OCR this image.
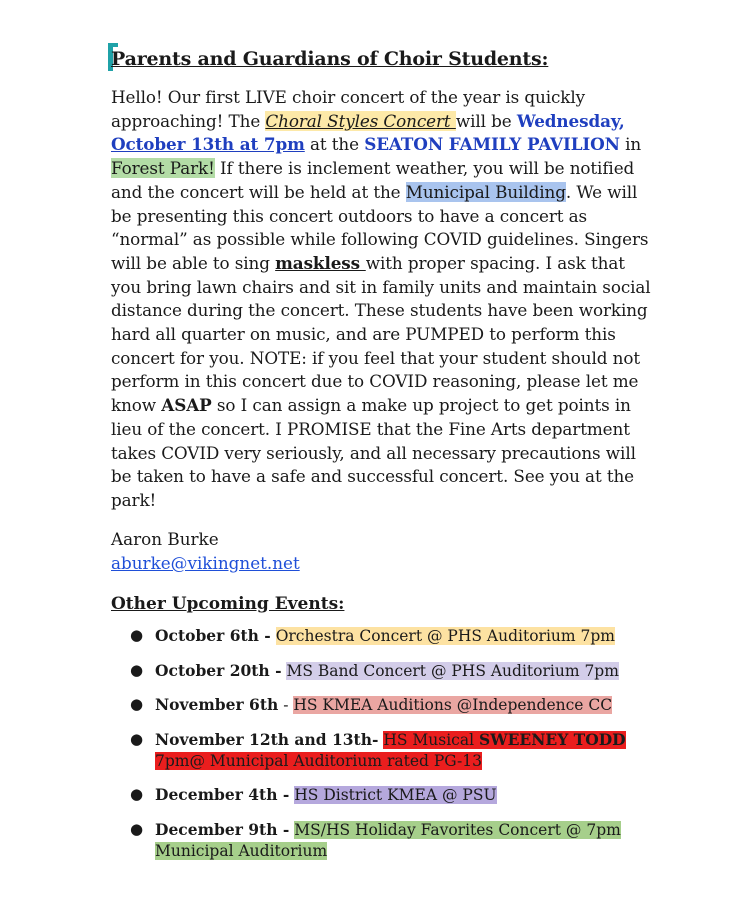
Parents and Guardians of Choir Students:
Hello! Our first LIVE choir concert of the year is quickly approaching! The Choral Styles Concert will be Wednesday, October 13th at 7pm at the SEATON FAMILY PAVILION in Forest Park! If there is inclement weather, you will be notified and the concert will be held at the Municipal Building. We will be presenting this concert outdoors to have a concert as “normal” as possible while following COVID guidelines. Singers will be able to sing maskless with proper spacing. I ask that you bring lawn chairs and sit in family units and maintain social distance during the concert. These students have been working hard all quarter on music, and are PUMPED to perform this concert for you. NOTE: if you feel that your student should not perform in this concert due to COVID reasoning, please let me know ASAP so I can assign a make up project to get points in lieu of the concert. I PROMISE that the Fine Arts department takes COVID very seriously, and all necessary precautions will be taken to have a safe and successful concert. See you at the park!
Aaron Burke
aburke@vikingnet.net
Other Upcoming Events:
● October 6th - Orchestra Concert @ PHS Auditorium 7pm
● October 20th - MS Band Concert @ PHS Auditorium 7pm
● November 6th - HS KMEA Auditions @Independence CC
● November 12th and 13th- HS Musical SWEENEY TODD 7pm@ Municipal Auditorium rated PG-13
● December 4th - HS District KMEA @ PSU
● December 9th - MS/HS Holiday Favorites Concert @ 7pm Municipal Auditorium
